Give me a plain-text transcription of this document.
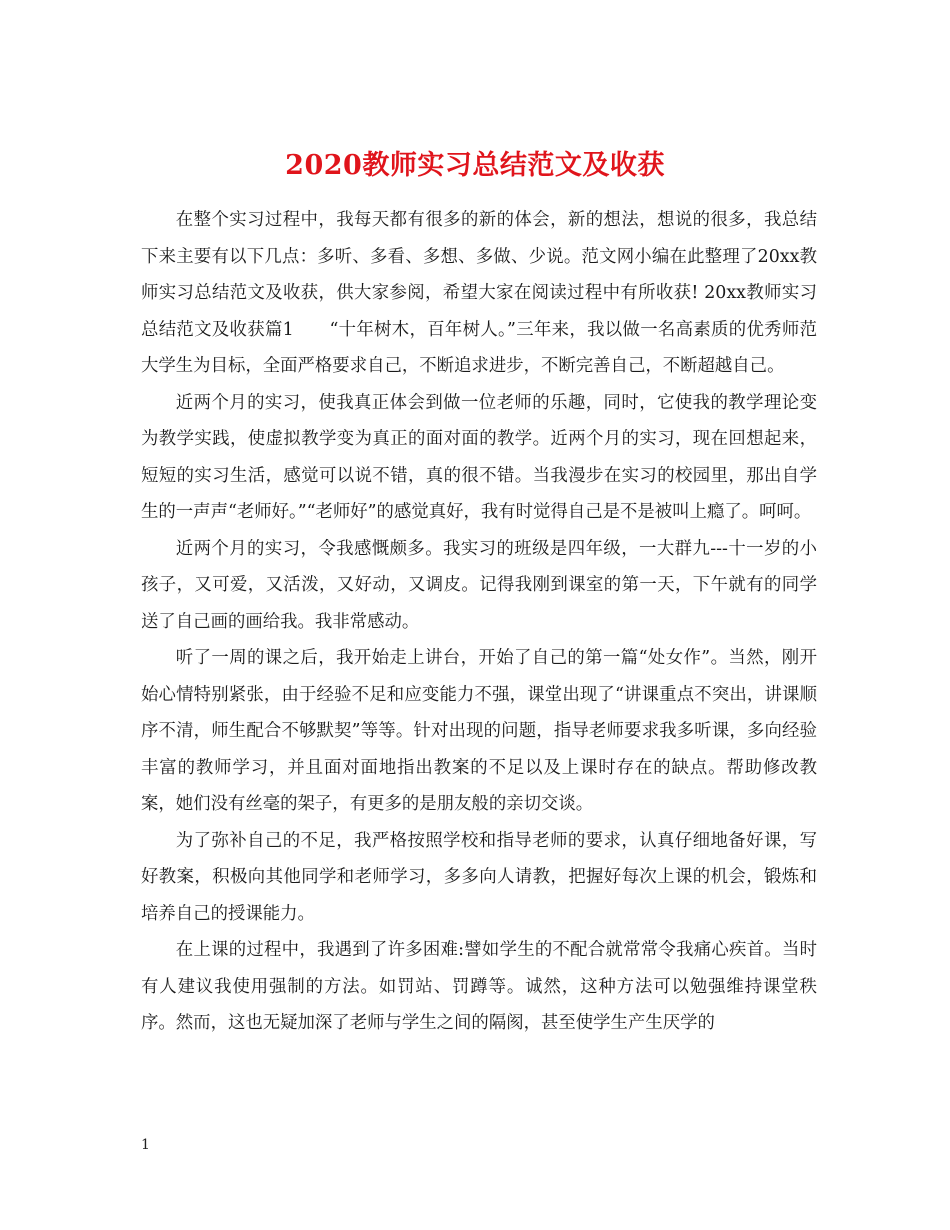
2020教师实习总结范文及收获

在整个实习过程中，我每天都有很多的新的体会，新的想法，想说的很多，我总结下来主要有以下几点：多听、多看、多想、多做、少说。范文网小编在此整理了20xx教师实习总结范文及收获，供大家参阅，希望大家在阅读过程中有所收获! 20xx教师实习总结范文及收获篇1　　“十年树木，百年树人。”三年来，我以做一名高素质的优秀师范大学生为目标，全面严格要求自己，不断追求进步，不断完善自己，不断超越自己。

近两个月的实习，使我真正体会到做一位老师的乐趣，同时，它使我的教学理论变为教学实践，使虚拟教学变为真正的面对面的教学。近两个月的实习，现在回想起来，短短的实习生活，感觉可以说不错，真的很不错。当我漫步在实习的校园里，那出自学生的一声声“老师好。”“老师好”的感觉真好，我有时觉得自己是不是被叫上瘾了。呵呵。

近两个月的实习，令我感慨颇多。我实习的班级是四年级，一大群九---十一岁的小孩子，又可爱，又活泼，又好动，又调皮。记得我刚到课室的第一天，下午就有的同学送了自己画的画给我。我非常感动。

听了一周的课之后，我开始走上讲台，开始了自己的第一篇“处女作”。当然，刚开始心情特别紧张，由于经验不足和应变能力不强，课堂出现了“讲课重点不突出，讲课顺序不清，师生配合不够默契”等等。针对出现的问题，指导老师要求我多听课，多向经验丰富的教师学习，并且面对面地指出教案的不足以及上课时存在的缺点。帮助修改教案，她们没有丝毫的架子，有更多的是朋友般的亲切交谈。

为了弥补自己的不足，我严格按照学校和指导老师的要求，认真仔细地备好课，写好教案，积极向其他同学和老师学习，多多向人请教，把握好每次上课的机会，锻炼和培养自己的授课能力。

在上课的过程中，我遇到了许多困难:譬如学生的不配合就常常令我痛心疾首。当时有人建议我使用强制的方法。如罚站、罚蹲等。诚然，这种方法可以勉强维持课堂秩序。然而，这也无疑加深了老师与学生之间的隔阂，甚至使学生产生厌学的

1
